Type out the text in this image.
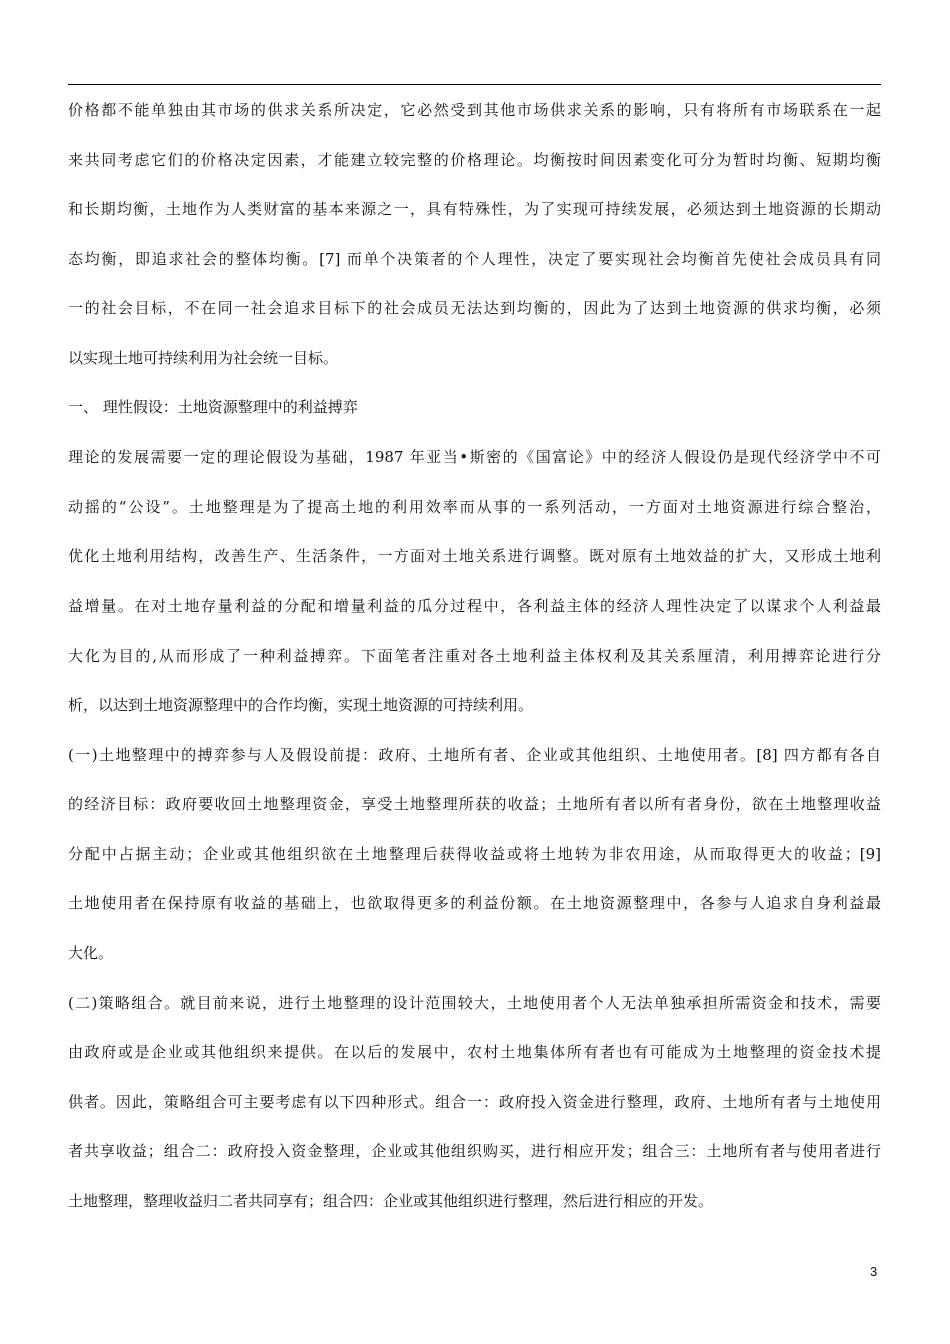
价格都不能单独由其市场的供求关系所决定，它必然受到其他市场供求关系的影响，只有将所有市场联系在一起
来共同考虑它们的价格决定因素，才能建立较完整的价格理论。均衡按时间因素变化可分为暂时均衡、短期均衡
和长期均衡，土地作为人类财富的基本来源之一，具有特殊性，为了实现可持续发展，必须达到土地资源的长期动
态均衡，即追求社会的整体均衡。[7] 而单个决策者的个人理性，决定了要实现社会均衡首先使社会成员具有同
一的社会目标，不在同一社会追求目标下的社会成员无法达到均衡的，因此为了达到土地资源的供求均衡，必须
以实现土地可持续利用为社会统一目标。
一、 理性假设：土地资源整理中的利益搏弈
理论的发展需要一定的理论假设为基础，1987 年亚当•斯密的《国富论》中的经济人假设仍是现代经济学中不可
动摇的“公设”。土地整理是为了提高土地的利用效率而从事的一系列活动，一方面对土地资源进行综合整治，
优化土地利用结构，改善生产、生活条件，一方面对土地关系进行调整。既对原有土地效益的扩大，又形成土地利
益增量。在对土地存量利益的分配和增量利益的瓜分过程中，各利益主体的经济人理性决定了以谋求个人利益最
大化为目的,从而形成了一种利益搏弈。下面笔者注重对各土地利益主体权利及其关系厘清，利用搏弈论进行分
析，以达到土地资源整理中的合作均衡，实现土地资源的可持续利用。
(一)土地整理中的搏弈参与人及假设前提：政府、土地所有者、企业或其他组织、土地使用者。[8] 四方都有各自
的经济目标：政府要收回土地整理资金，享受土地整理所获的收益；土地所有者以所有者身份，欲在土地整理收益
分配中占据主动；企业或其他组织欲在土地整理后获得收益或将土地转为非农用途，从而取得更大的收益；[9]
土地使用者在保持原有收益的基础上，也欲取得更多的利益份额。在土地资源整理中，各参与人追求自身利益最
大化。
(二)策略组合。就目前来说，进行土地整理的设计范围较大，土地使用者个人无法单独承担所需资金和技术，需要
由政府或是企业或其他组织来提供。在以后的发展中，农村土地集体所有者也有可能成为土地整理的资金技术提
供者。因此，策略组合可主要考虑有以下四种形式。组合一：政府投入资金进行整理，政府、土地所有者与土地使用
者共享收益；组合二：政府投入资金整理，企业或其他组织购买，进行相应开发；组合三：土地所有者与使用者进行
土地整理，整理收益归二者共同享有；组合四：企业或其他组织进行整理，然后进行相应的开发。
3
